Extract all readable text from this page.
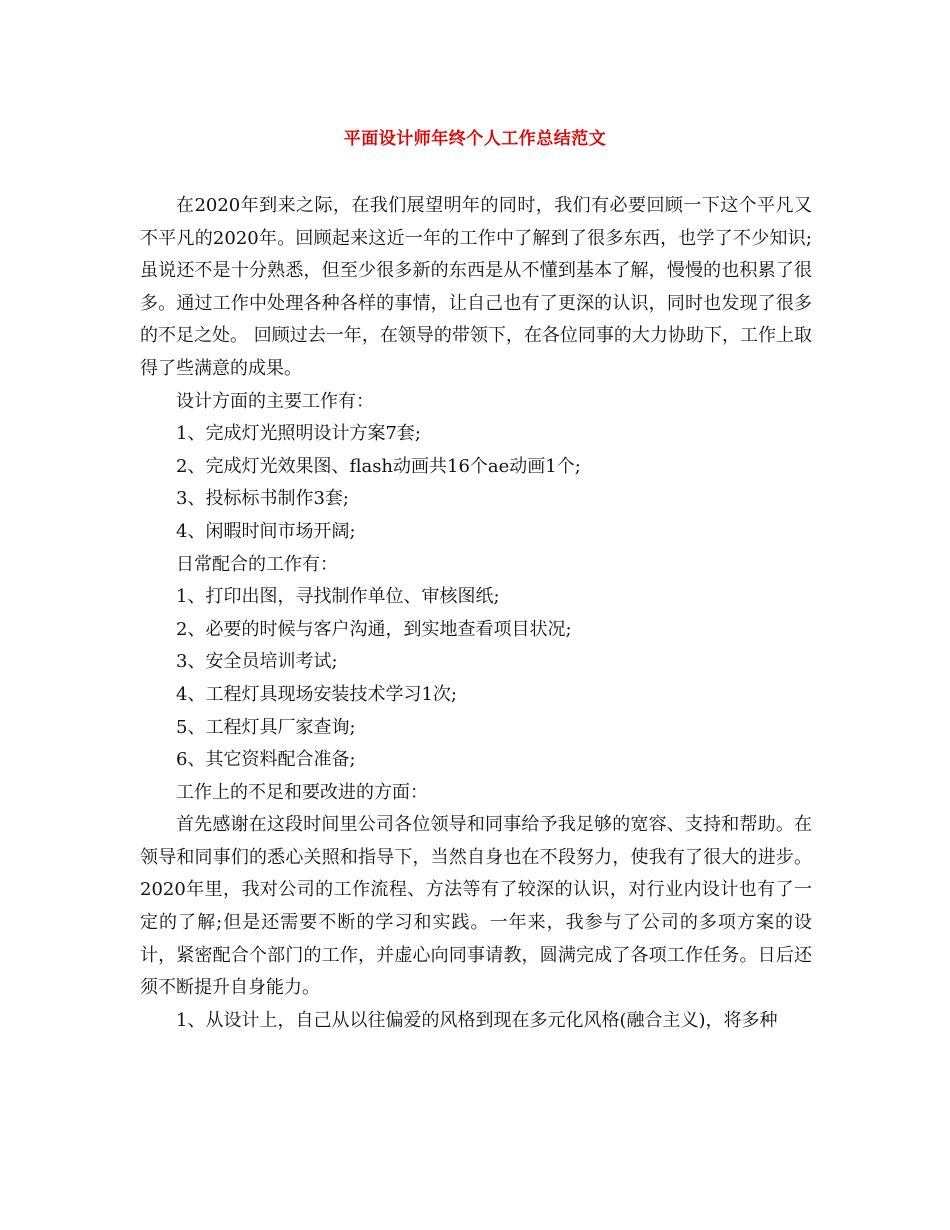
平面设计师年终个人工作总结范文

在2020年到来之际，在我们展望明年的同时，我们有必要回顾一下这个平凡又不平凡的2020年。回顾起来这近一年的工作中了解到了很多东西，也学了不少知识;虽说还不是十分熟悉，但至少很多新的东西是从不懂到基本了解，慢慢的也积累了很多。通过工作中处理各种各样的事情，让自己也有了更深的认识，同时也发现了很多的不足之处。 回顾过去一年，在领导的带领下，在各位同事的大力协助下，工作上取得了些满意的成果。

设计方面的主要工作有：

1、完成灯光照明设计方案7套;

2、完成灯光效果图、flash动画共16个ae动画1个;

3、投标标书制作3套;

4、闲暇时间市场开阔;

日常配合的工作有：

1、打印出图，寻找制作单位、审核图纸;

2、必要的时候与客户沟通，到实地查看项目状况;

3、安全员培训考试;

4、工程灯具现场安装技术学习1次;

5、工程灯具厂家查询;

6、其它资料配合准备;

工作上的不足和要改进的方面：

首先感谢在这段时间里公司各位领导和同事给予我足够的宽容、支持和帮助。在领导和同事们的悉心关照和指导下，当然自身也在不段努力，使我有了很大的进步。2020年里，我对公司的工作流程、方法等有了较深的认识，对行业内设计也有了一定的了解;但是还需要不断的学习和实践。一年来，我参与了公司的多项方案的设计，紧密配合个部门的工作，并虚心向同事请教，圆满完成了各项工作任务。日后还须不断提升自身能力。

1、从设计上，自己从以往偏爱的风格到现在多元化风格(融合主义)，将多种
